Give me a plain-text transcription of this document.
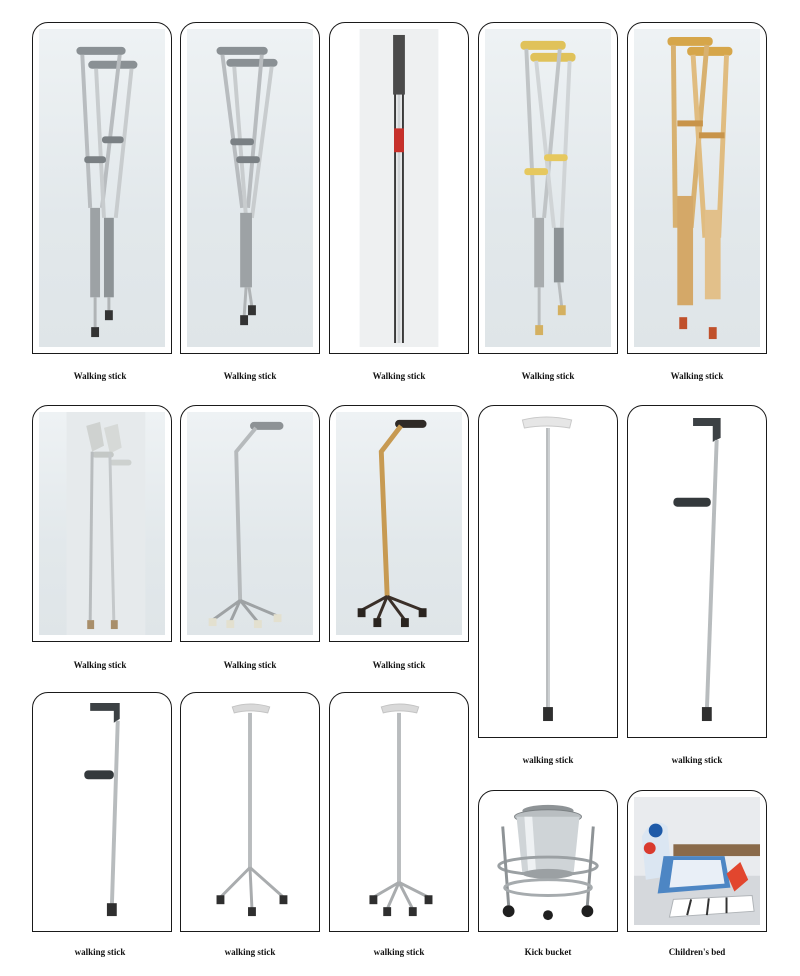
Walking stick	Walking stick	Walking stick	Walking stick	Walking stick
Walking stick	Walking stick	Walking stick
walking stick	walking stick
walking stick	walking stick	walking stick	Kick bucket	Children's bed
